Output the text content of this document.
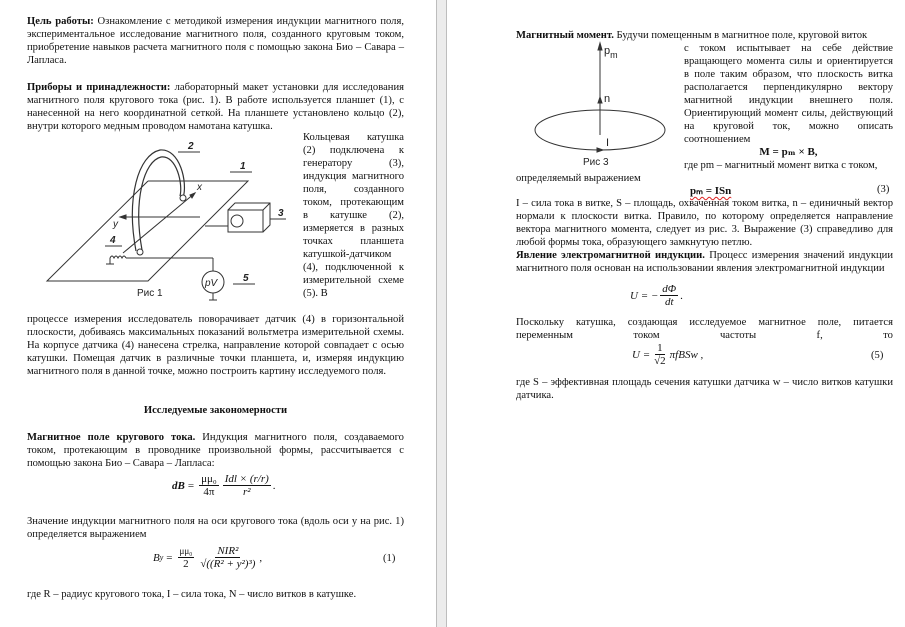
Цель работы: Ознакомление с методикой измерения индукции магнитного поля, экспериментальное исследование магнитного поля, созданного круговым током, приобретение навыков расчета магнитного поля с помощью закона Био – Савара – Лапласа.
Приборы и принадлежности: лабораторный макет установки для исследования магнитного поля кругового тока (рис. 1). В работе используется планшет (1), с нанесенной на него координатной сеткой. На планшете установлено кольцо (2), внутри которого медным проводом намотана катушка.
2
1
3
4
5
x
y
pV
Рис 1
Кольцевая катушка (2) подключена к генератору (3), индукция магнитного поля, созданного током, протекающим в катушке (2), измеряется в разных точках планшета катушкой-датчиком (4), подключенной к измерительной схеме (5). В
процессе измерения исследователь поворачивает датчик (4) в горизонтальной плоскости, добиваясь максимальных показаний вольтметра измерительной схемы. На корпусе датчика (4) нанесена стрелка, направление которой совпадает с осью катушки. Помещая датчик в различные точки планшета, и, измеряя индукцию магнитного поля в данной точке, можно построить картину исследуемого поля.
Исследуемые закономерности
Магнитное поле кругового тока. Индукция магнитного поля, создаваемого током, протекающим в проводнике произвольной формы, рассчитывается с помощью закона Био – Савара – Лапласа:
dB = $\frac{\text{μμ₀}}{4\pi} \frac{\text{Idl × (r/r)}}{\text{r²}}$ .
Значение индукции магнитного поля на оси кругового тока (вдоль оси y на рис. 1) определяется выражением
B $y = \frac{\text{μμ₀}}{2} \frac{\text{NIR²}}{\text{√((R² + y²)³)}}$ ,	(1)
где R – радиус кругового тока, I – сила тока, N – число витков в катушке.
Магнитный момент. Будучи помещенным в магнитное поле, круговой виток
$p_m$
n
I
Рис 3
с током испытывает на себе действие вращающего момента силы и ориентируется в поле таким образом, что плоскость витка располагается перпендикулярно вектору магнитной индукции внешнего поля. Ориентирующий момент силы, действующий на круговой ток, можно описать соотношением
M = pₘ × B,
где pm – магнитный момент витка с током,
определяемый выражением
pₘ = ISn	(3)
I – сила тока в витке, S – площадь, охваченная током витка, n – единичный вектор нормали к плоскости витка. Правило, по которому определяется направление вектора магнитного момента, следует из рис. 3. Выражение (3) справедливо для любой формы тока, образующего замкнутую петлю.
Явление электромагнитной индукции. Процесс измерения значений индукции магнитного поля основан на использовании явления электромагнитной индукции
U = − $\frac{d\Phi}{dt}$ .
Поскольку катушка, создающая исследуемое магнитное поле, питается
переменным	током	частоты	f,	то
$U = \frac{1}{√2}$ πfBSw ,	(5)
где S – эффективная площадь сечения катушки датчика w – число витков катушки датчика.
